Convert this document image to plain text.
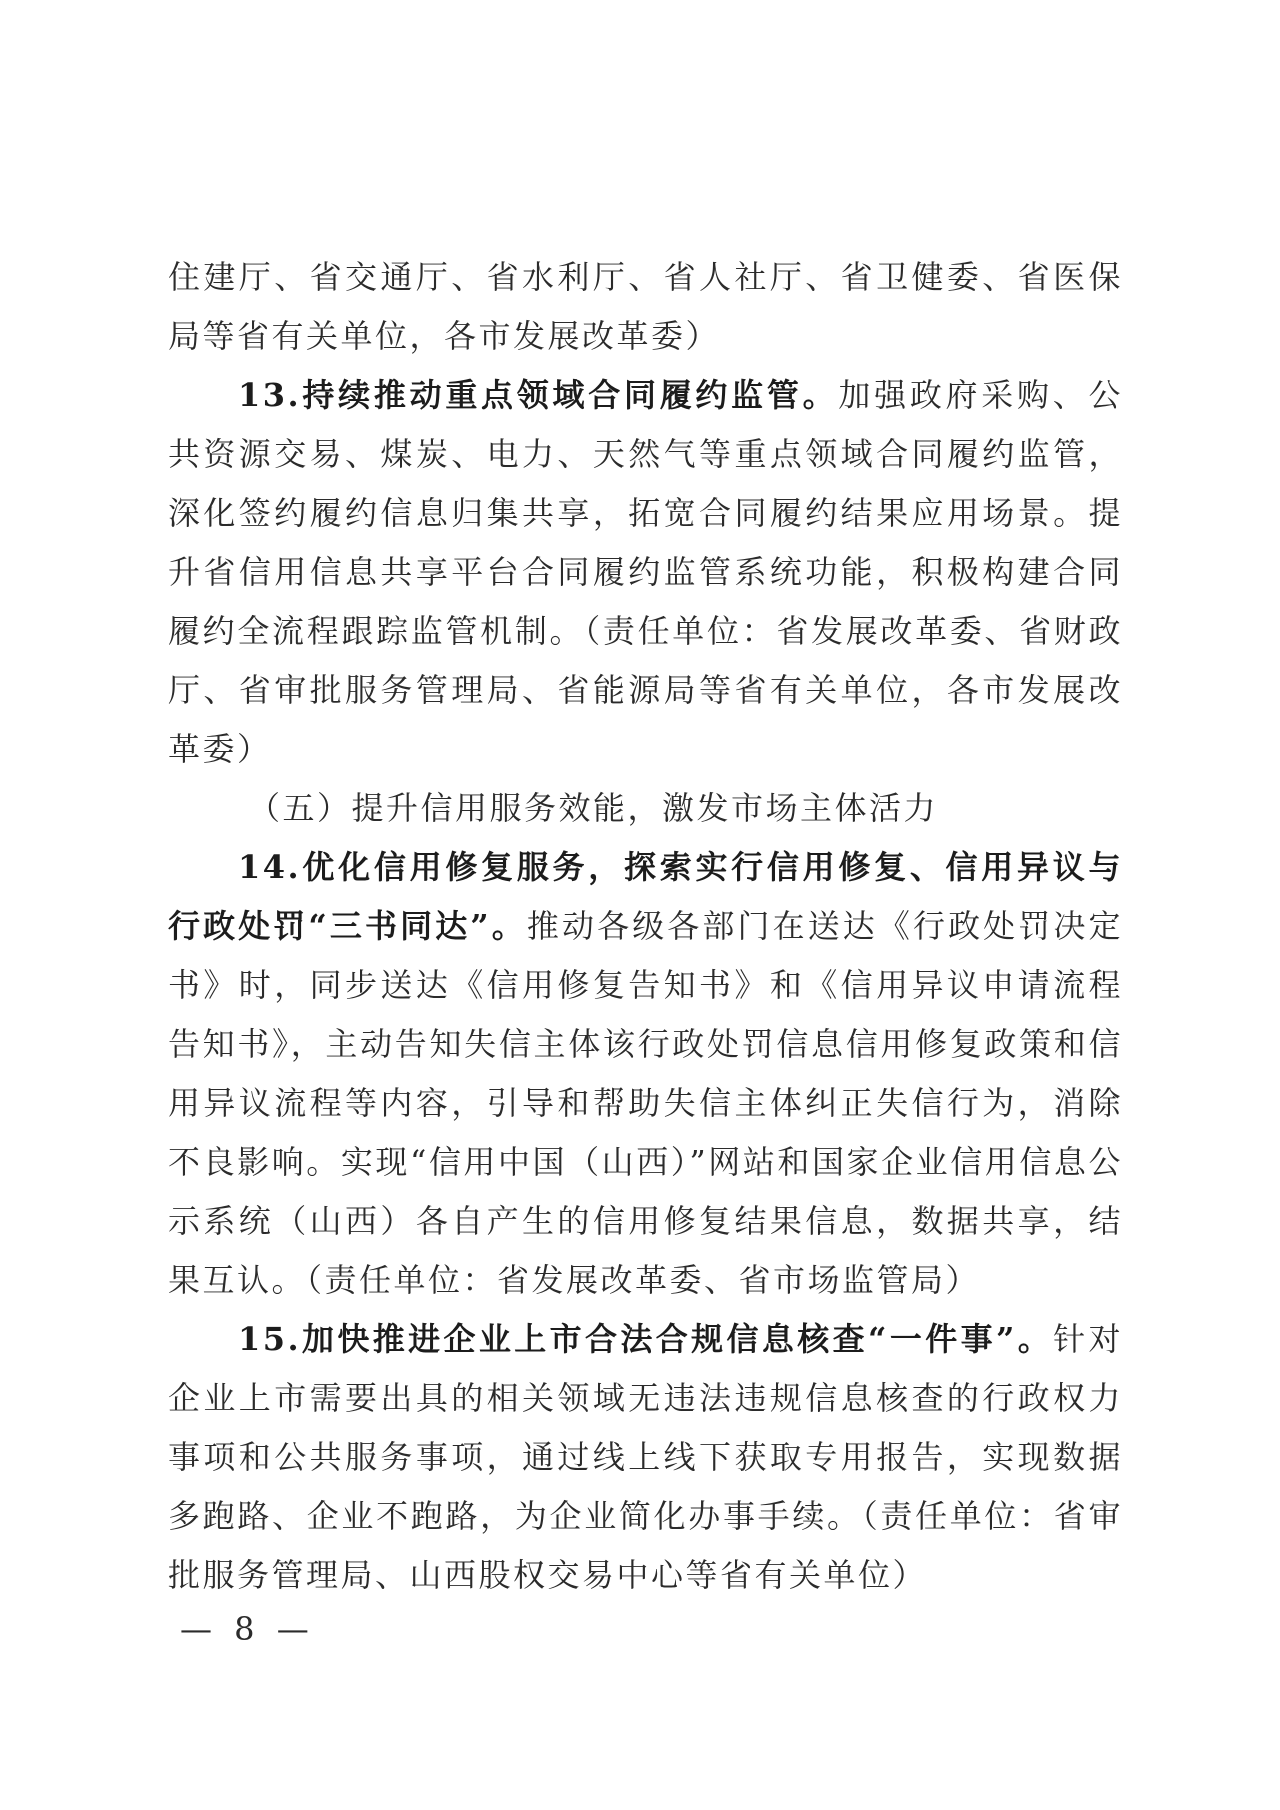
住建厅、省交通厅、省水利厅、省人社厅、省卫健委、省医保局等省有关单位，各市发展改革委）

13.持续推动重点领域合同履约监管。加强政府采购、公共资源交易、煤炭、电力、天然气等重点领域合同履约监管，深化签约履约信息归集共享，拓宽合同履约结果应用场景。提升省信用信息共享平台合同履约监管系统功能，积极构建合同履约全流程跟踪监管机制。（责任单位：省发展改革委、省财政厅、省审批服务管理局、省能源局等省有关单位，各市发展改革委）

（五）提升信用服务效能，激发市场主体活力

14.优化信用修复服务，探索实行信用修复、信用异议与行政处罚“三书同达”。推动各级各部门在送达《行政处罚决定书》时，同步送达《信用修复告知书》和《信用异议申请流程告知书》，主动告知失信主体该行政处罚信息信用修复政策和信用异议流程等内容，引导和帮助失信主体纠正失信行为，消除不良影响。实现“信用中国（山西）”网站和国家企业信用信息公示系统（山西）各自产生的信用修复结果信息，数据共享，结果互认。（责任单位：省发展改革委、省市场监管局）

15.加快推进企业上市合法合规信息核查“一件事”。针对企业上市需要出具的相关领域无违法违规信息核查的行政权力事项和公共服务事项，通过线上线下获取专用报告，实现数据多跑路、企业不跑路，为企业简化办事手续。（责任单位：省审批服务管理局、山西股权交易中心等省有关单位）

— 8 —
